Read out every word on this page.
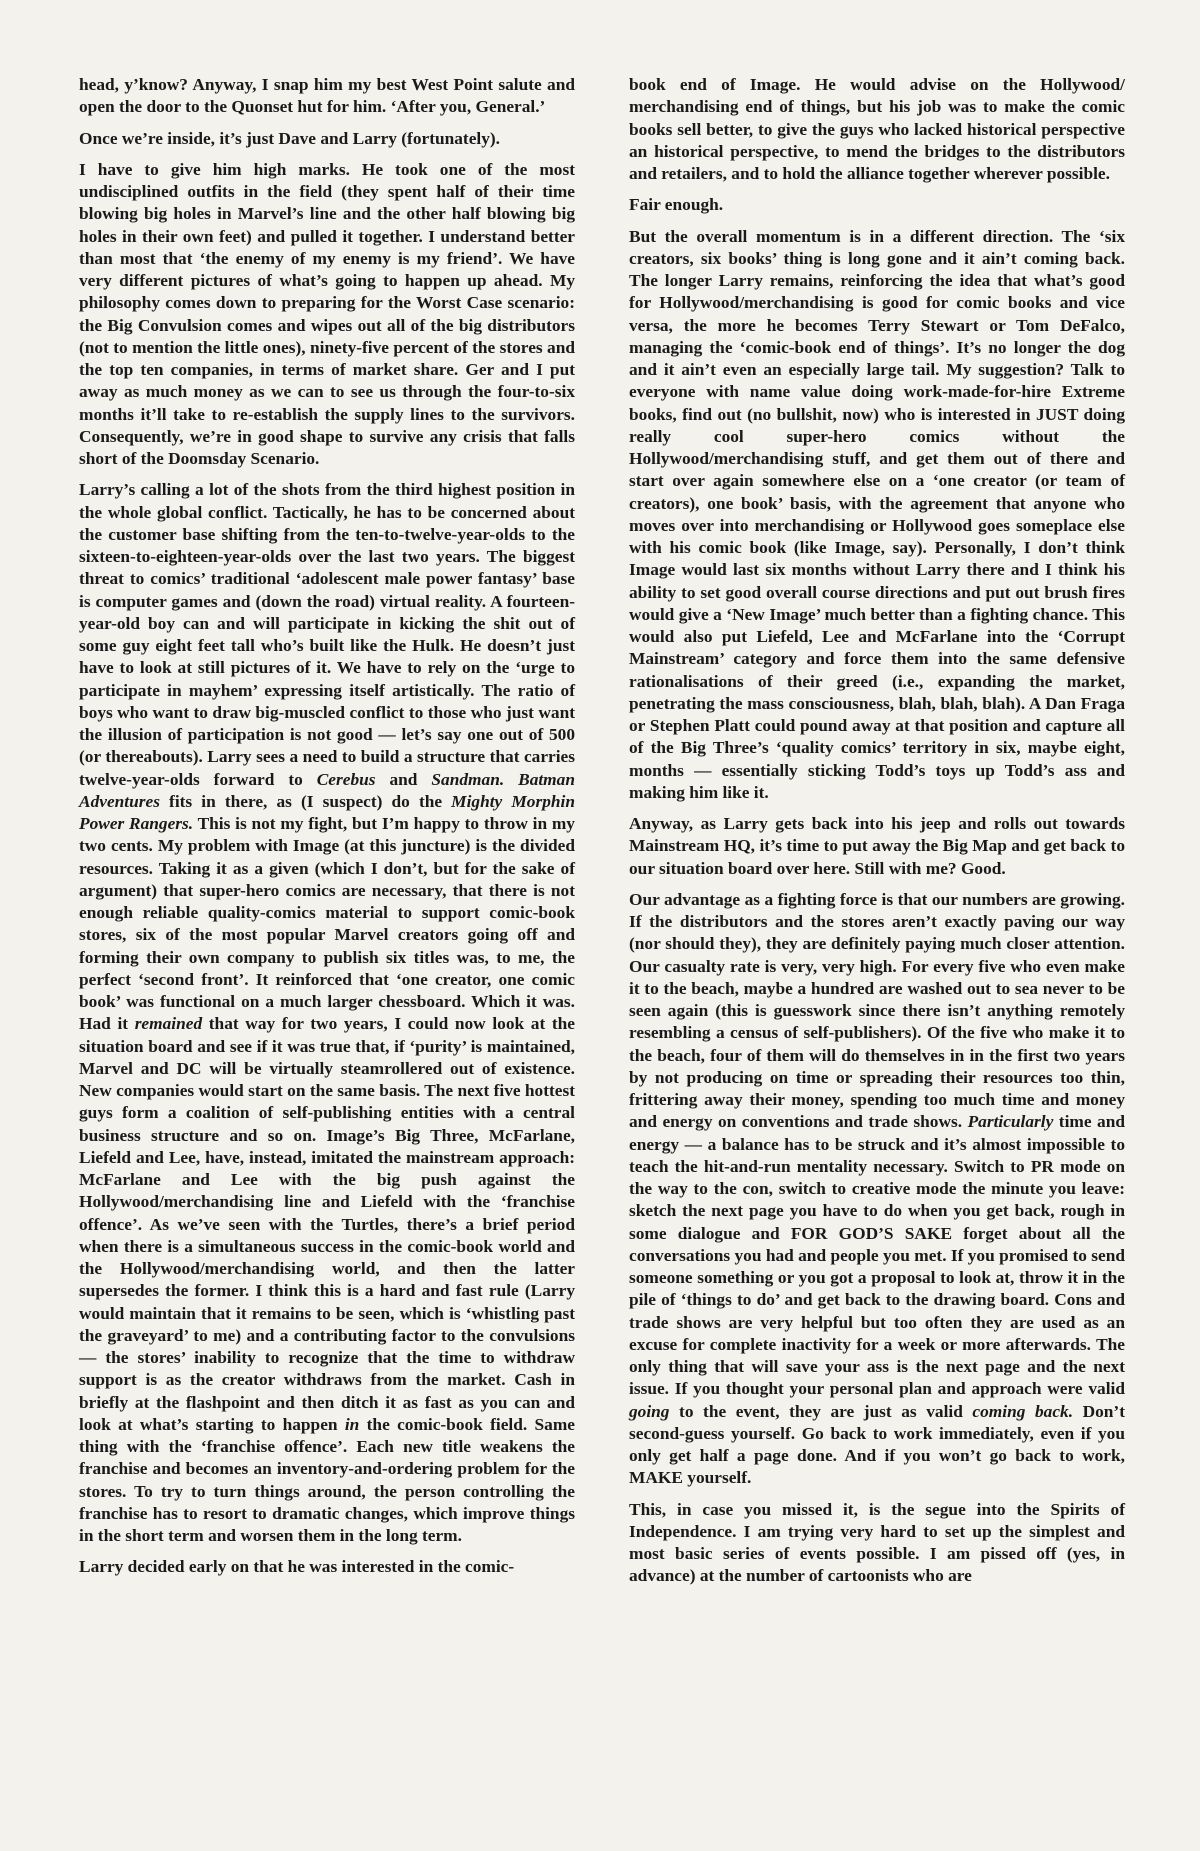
head, y’know? Anyway, I snap him my best West Point salute and open the door to the Quonset hut for him. ‘After you, General.’

Once we’re inside, it’s just Dave and Larry (fortunately).

I have to give him high marks. He took one of the most undisciplined outfits in the field (they spent half of their time blowing big holes in Marvel’s line and the other half blowing big holes in their own feet) and pulled it together. I understand better than most that ‘the enemy of my enemy is my friend’. We have very different pictures of what’s going to happen up ahead. My philosophy comes down to preparing for the Worst Case scenario: the Big Convulsion comes and wipes out all of the big distributors (not to mention the little ones), ninety-five percent of the stores and the top ten companies, in terms of market share. Ger and I put away as much money as we can to see us through the four-to-six months it’ll take to re-establish the supply lines to the survivors. Consequently, we’re in good shape to survive any crisis that falls short of the Doomsday Scenario.

Larry’s calling a lot of the shots from the third highest position in the whole global conflict. Tactically, he has to be concerned about the customer base shifting from the ten-to-twelve-year-olds to the sixteen-to-eighteen-year-olds over the last two years. The biggest threat to comics’ traditional ‘adolescent male power fantasy’ base is computer games and (down the road) virtual reality. A fourteen-year-old boy can and will participate in kicking the shit out of some guy eight feet tall who’s built like the Hulk. He doesn’t just have to look at still pictures of it. We have to rely on the ‘urge to participate in mayhem’ expressing itself artistically. The ratio of boys who want to draw big-muscled conflict to those who just want the illusion of participation is not good — let’s say one out of 500 (or thereabouts). Larry sees a need to build a structure that carries twelve-year-olds forward to Cerebus and Sandman. Batman Adventures fits in there, as (I suspect) do the Mighty Morphin Power Rangers. This is not my fight, but I’m happy to throw in my two cents. My problem with Image (at this juncture) is the divided resources. Taking it as a given (which I don’t, but for the sake of argument) that super-hero comics are necessary, that there is not enough reliable quality-comics material to support comic-book stores, six of the most popular Marvel creators going off and forming their own company to publish six titles was, to me, the perfect ‘second front’. It reinforced that ‘one creator, one comic book’ was functional on a much larger chessboard. Which it was. Had it remained that way for two years, I could now look at the situation board and see if it was true that, if ‘purity’ is maintained, Marvel and DC will be virtually steamrollered out of existence. New companies would start on the same basis. The next five hottest guys form a coalition of self-publishing entities with a central business structure and so on. Image’s Big Three, McFarlane, Liefeld and Lee, have, instead, imitated the mainstream approach: McFarlane and Lee with the big push against the Hollywood/merchandising line and Liefeld with the ‘franchise offence’. As we’ve seen with the Turtles, there’s a brief period when there is a simultaneous success in the comic-book world and the Hollywood/merchandising world, and then the latter supersedes the former. I think this is a hard and fast rule (Larry would maintain that it remains to be seen, which is ‘whistling past the graveyard’ to me) and a contributing factor to the convulsions — the stores’ inability to recognize that the time to withdraw support is as the creator withdraws from the market. Cash in briefly at the flashpoint and then ditch it as fast as you can and look at what’s starting to happen in the comic-book field. Same thing with the ‘franchise offence’. Each new title weakens the franchise and becomes an inventory-and-ordering problem for the stores. To try to turn things around, the person controlling the franchise has to resort to dramatic changes, which improve things in the short term and worsen them in the long term.

Larry decided early on that he was interested in the comic-

book end of Image. He would advise on the Hollywood/ merchandising end of things, but his job was to make the comic books sell better, to give the guys who lacked historical perspective an historical perspective, to mend the bridges to the distributors and retailers, and to hold the alliance together wherever possible.

Fair enough.

But the overall momentum is in a different direction. The ‘six creators, six books’ thing is long gone and it ain’t coming back. The longer Larry remains, reinforcing the idea that what’s good for Hollywood/merchandising is good for comic books and vice versa, the more he becomes Terry Stewart or Tom DeFalco, managing the ‘comic-book end of things’. It’s no longer the dog and it ain’t even an especially large tail. My suggestion? Talk to everyone with name value doing work-made-for-hire Extreme books, find out (no bullshit, now) who is interested in JUST doing really cool super-hero comics without the Hollywood/merchandising stuff, and get them out of there and start over again somewhere else on a ‘one creator (or team of creators), one book’ basis, with the agreement that anyone who moves over into merchandising or Hollywood goes someplace else with his comic book (like Image, say). Personally, I don’t think Image would last six months without Larry there and I think his ability to set good overall course directions and put out brush fires would give a ‘New Image’ much better than a fighting chance. This would also put Liefeld, Lee and McFarlane into the ‘Corrupt Mainstream’ category and force them into the same defensive rationalisations of their greed (i.e., expanding the market, penetrating the mass consciousness, blah, blah, blah). A Dan Fraga or Stephen Platt could pound away at that position and capture all of the Big Three’s ‘quality comics’ territory in six, maybe eight, months — essentially sticking Todd’s toys up Todd’s ass and making him like it.

Anyway, as Larry gets back into his jeep and rolls out towards Mainstream HQ, it’s time to put away the Big Map and get back to our situation board over here. Still with me? Good.

Our advantage as a fighting force is that our numbers are growing. If the distributors and the stores aren’t exactly paving our way (nor should they), they are definitely paying much closer attention. Our casualty rate is very, very high. For every five who even make it to the beach, maybe a hundred are washed out to sea never to be seen again (this is guesswork since there isn’t anything remotely resembling a census of self-publishers). Of the five who make it to the beach, four of them will do themselves in in the first two years by not producing on time or spreading their resources too thin, frittering away their money, spending too much time and money and energy on conventions and trade shows. Particularly time and energy — a balance has to be struck and it’s almost impossible to teach the hit-and-run mentality necessary. Switch to PR mode on the way to the con, switch to creative mode the minute you leave: sketch the next page you have to do when you get back, rough in some dialogue and FOR GOD’S SAKE forget about all the conversations you had and people you met. If you promised to send someone something or you got a proposal to look at, throw it in the pile of ‘things to do’ and get back to the drawing board. Cons and trade shows are very helpful but too often they are used as an excuse for complete inactivity for a week or more afterwards. The only thing that will save your ass is the next page and the next issue. If you thought your personal plan and approach were valid going to the event, they are just as valid coming back. Don’t second-guess yourself. Go back to work immediately, even if you only get half a page done. And if you won’t go back to work, MAKE yourself.

This, in case you missed it, is the segue into the Spirits of Independence. I am trying very hard to set up the simplest and most basic series of events possible. I am pissed off (yes, in advance) at the number of cartoonists who are
